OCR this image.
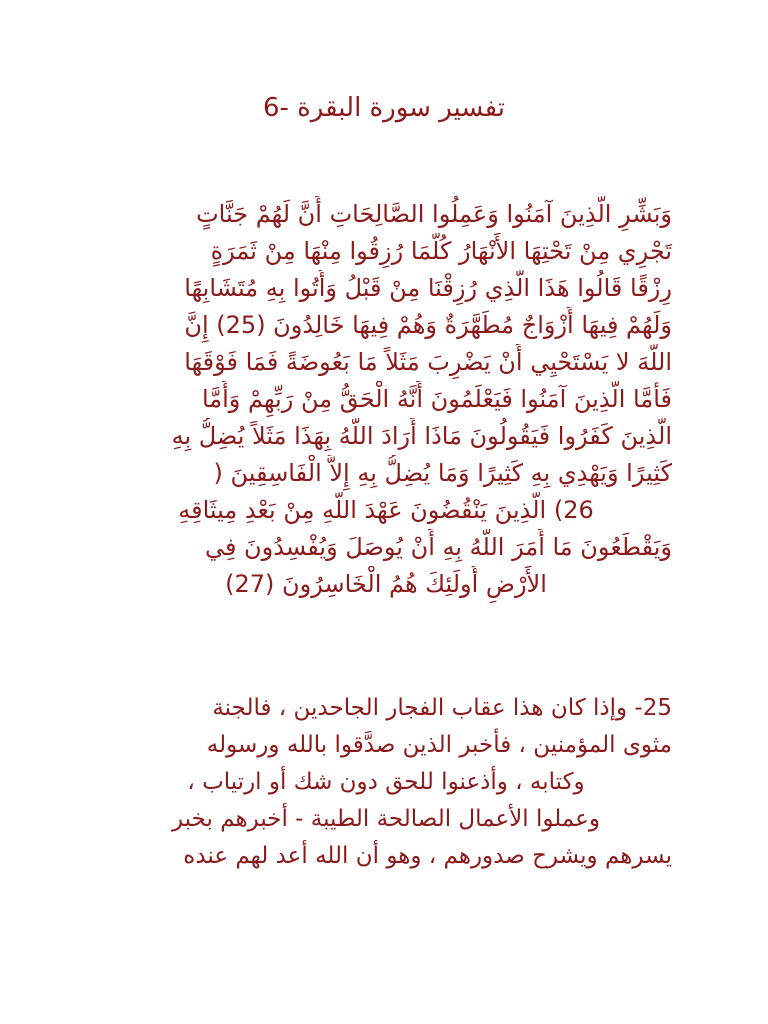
تفسير سورة البقرة -6
وَبَشِّرِ الَّذِينَ آمَنُوا وَعَمِلُوا الصَّالِحَاتِ أَنَّ لَهُمْ جَنَّاتٍ
تَجْرِي مِنْ تَحْتِهَا الأَنْهَارُ كُلَّمَا رُزِقُوا مِنْهَا مِنْ ثَمَرَةٍ
رِزْقًا قَالُوا هَذَا الَّذِي رُزِقْنَا مِنْ قَبْلُ وَأُتُوا بِهِ مُتَشَابِهًا
وَلَهُمْ فِيهَا أَزْوَاجٌ مُطَهَّرَةٌ وَهُمْ فِيهَا خَالِدُونَ (25) إِنَّ
اللَّهَ لا يَسْتَحْيِي أَنْ يَضْرِبَ مَثَلاً مَا بَعُوضَةً فَمَا فَوْقَهَا
فَأَمَّا الَّذِينَ آمَنُوا فَيَعْلَمُونَ أَنَّهُ الْحَقُّ مِنْ رَبِّهِمْ وَأَمَّا
الَّذِينَ كَفَرُوا فَيَقُولُونَ مَاذَا أَرَادَ اللَّهُ بِهَذَا مَثَلاً يُضِلُّ بِهِ
كَثِيرًا وَيَهْدِي بِهِ كَثِيرًا وَمَا يُضِلُّ بِهِ إِلاَّ الْفَاسِقِينَ (
26) الَّذِينَ يَنْقُضُونَ عَهْدَ اللَّهِ مِنْ بَعْدِ مِيثَاقِهِ
وَيَقْطَعُونَ مَا أَمَرَ اللَّهُ بِهِ أَنْ يُوصَلَ وَيُفْسِدُونَ فِي
الأَرْضِ أُولَئِكَ هُمُ الْخَاسِرُونَ (27)
25- وإذا كان هذا عقاب الفجار الجاحدين ، فالجنة
مثوى المؤمنين ، فأخبر الذين صدَّقوا بالله ورسوله
وكتابه ، وأذعنوا للحق دون شك أو ارتياب ،
وعملوا الأعمال الصالحة الطيبة - أخبرهم بخبر
يسرهم ويشرح صدورهم ، وهو أن الله أعد لهم عنده
